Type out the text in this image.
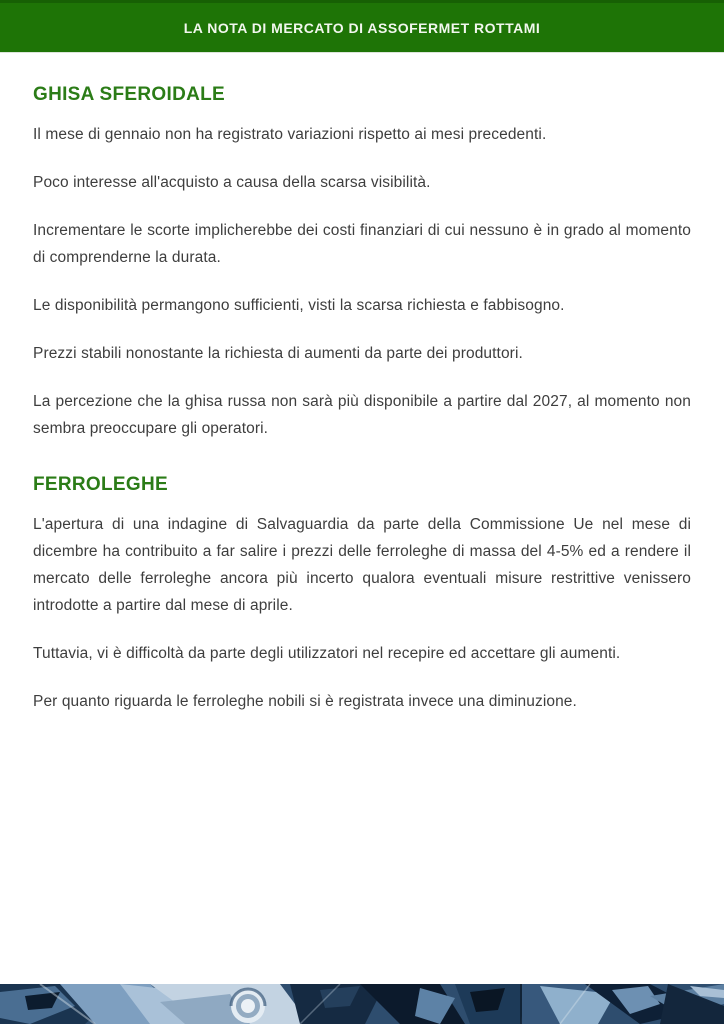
LA NOTA DI MERCATO DI ASSOFERMET ROTTAMI
GHISA SFEROIDALE

Il mese di gennaio non ha registrato variazioni rispetto ai mesi precedenti.

Poco interesse all'acquisto a causa della scarsa visibilità.

Incrementare le scorte implicherebbe dei costi finanziari di cui nessuno è in grado al momento di comprenderne la durata.

Le disponibilità permangono sufficienti, visti la scarsa richiesta e fabbisogno.

Prezzi stabili nonostante la richiesta di aumenti da parte dei produttori.

La percezione che la ghisa russa non sarà più disponibile a partire dal 2027, al momento non sembra preoccupare gli operatori.

FERROLEGHE

L'apertura di una indagine di Salvaguardia da parte della Commissione Ue nel mese di dicembre ha contribuito a far salire i prezzi delle ferroleghe di massa del 4-5% ed a rendere il mercato delle ferroleghe ancora più incerto qualora eventuali misure restrittive venissero introdotte a partire dal mese di aprile.

Tuttavia, vi è difficoltà da parte degli utilizzatori nel recepire ed accettare gli aumenti.

Per quanto riguarda le ferroleghe nobili si è registrata invece una diminuzione.
